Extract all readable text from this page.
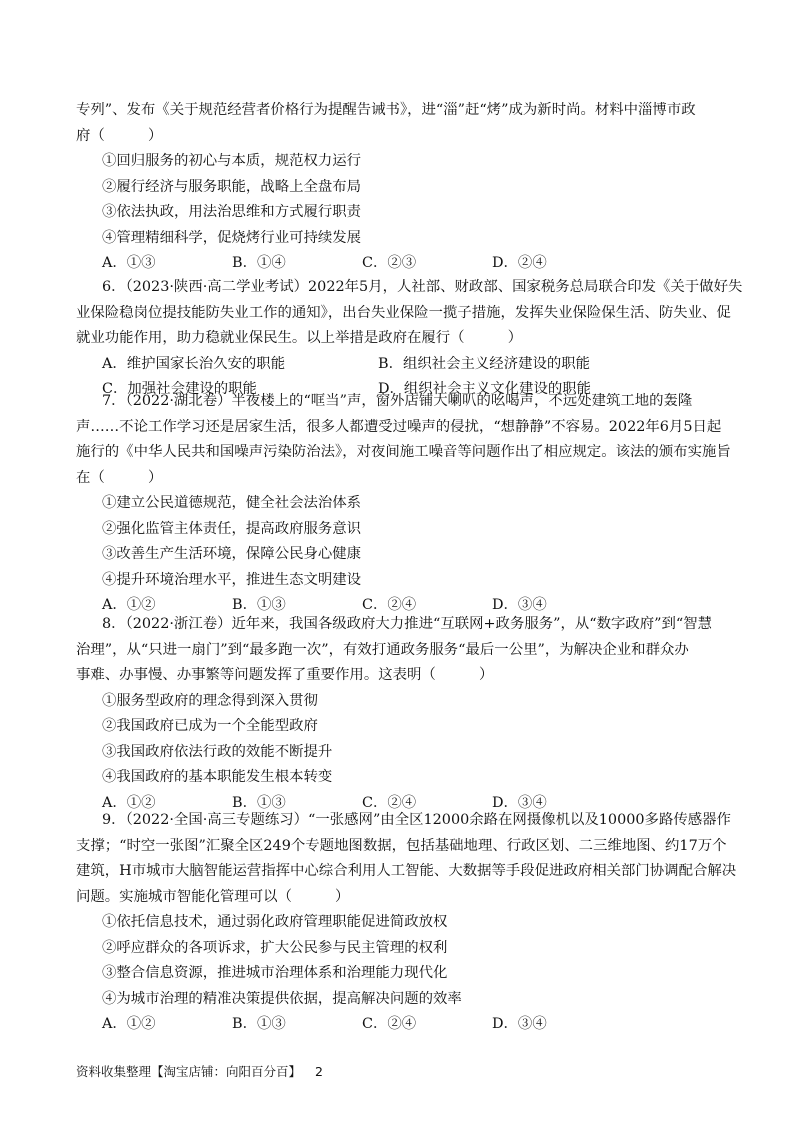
专列”、发布《关于规范经营者价格行为提醒告诫书》，进“淄”赶“烤”成为新时尚。材料中淄博市政
府（　　　）
①回归服务的初心与本质，规范权力运行
②履行经济与服务职能，战略上全盘布局
③依法执政，用法治思维和方式履行职责
④管理精细科学，促烧烤行业可持续发展
A．①③	B．①④	C．②③	D．②④
6．（2023·陕西·高二学业考试）2022年5月，人社部、财政部、国家税务总局联合印发《关于做好失
业保险稳岗位提技能防失业工作的通知》，出台失业保险一揽子措施，发挥失业保险保生活、防失业、促
就业功能作用，助力稳就业保民生。以上举措是政府在履行（　　　）
A．维护国家长治久安的职能	B．组织社会主义经济建设的职能
C．加强社会建设的职能	D．组织社会主义文化建设的职能
7．（2022·湖北卷）半夜楼上的“哐当”声，窗外店铺大喇叭的吆喝声，不远处建筑工地的轰隆
声……不论工作学习还是居家生活，很多人都遭受过噪声的侵扰，“想静静”不容易。2022年6月5日起
施行的《中华人民共和国噪声污染防治法》，对夜间施工噪音等问题作出了相应规定。该法的颁布实施旨
在（　　　）
①建立公民道德规范，健全社会法治体系
②强化监管主体责任，提高政府服务意识
③改善生产生活环境，保障公民身心健康
④提升环境治理水平，推进生态文明建设
A．①②	B．①③	C．②④	D．③④
8．（2022·浙江卷）近年来，我国各级政府大力推进“互联网+政务服务”，从“数字政府”到“智慧
治理”，从“只进一扇门”到“最多跑一次”，有效打通政务服务“最后一公里”，为解决企业和群众办
事难、办事慢、办事繁等问题发挥了重要作用。这表明（　　　）
①服务型政府的理念得到深入贯彻
②我国政府已成为一个全能型政府
③我国政府依法行政的效能不断提升
④我国政府的基本职能发生根本转变
A．①②	B．①③	C．②④	D．③④
9．（2022·全国·高三专题练习）“一张感网”由全区12000余路在网摄像机以及10000多路传感器作
支撑；“时空一张图”汇聚全区249个专题地图数据，包括基础地理、行政区划、二三维地图、约17万个
建筑，H市城市大脑智能运营指挥中心综合利用人工智能、大数据等手段促进政府相关部门协调配合解决
问题。实施城市智能化管理可以（　　　）
①依托信息技术，通过弱化政府管理职能促进简政放权
②呼应群众的各项诉求，扩大公民参与民主管理的权利
③整合信息资源，推进城市治理体系和治理能力现代化
④为城市治理的精准决策提供依据，提高解决问题的效率
A．①②	B．①③	C．②④	D．③④
资料收集整理【淘宝店铺：向阳百分百】 2
